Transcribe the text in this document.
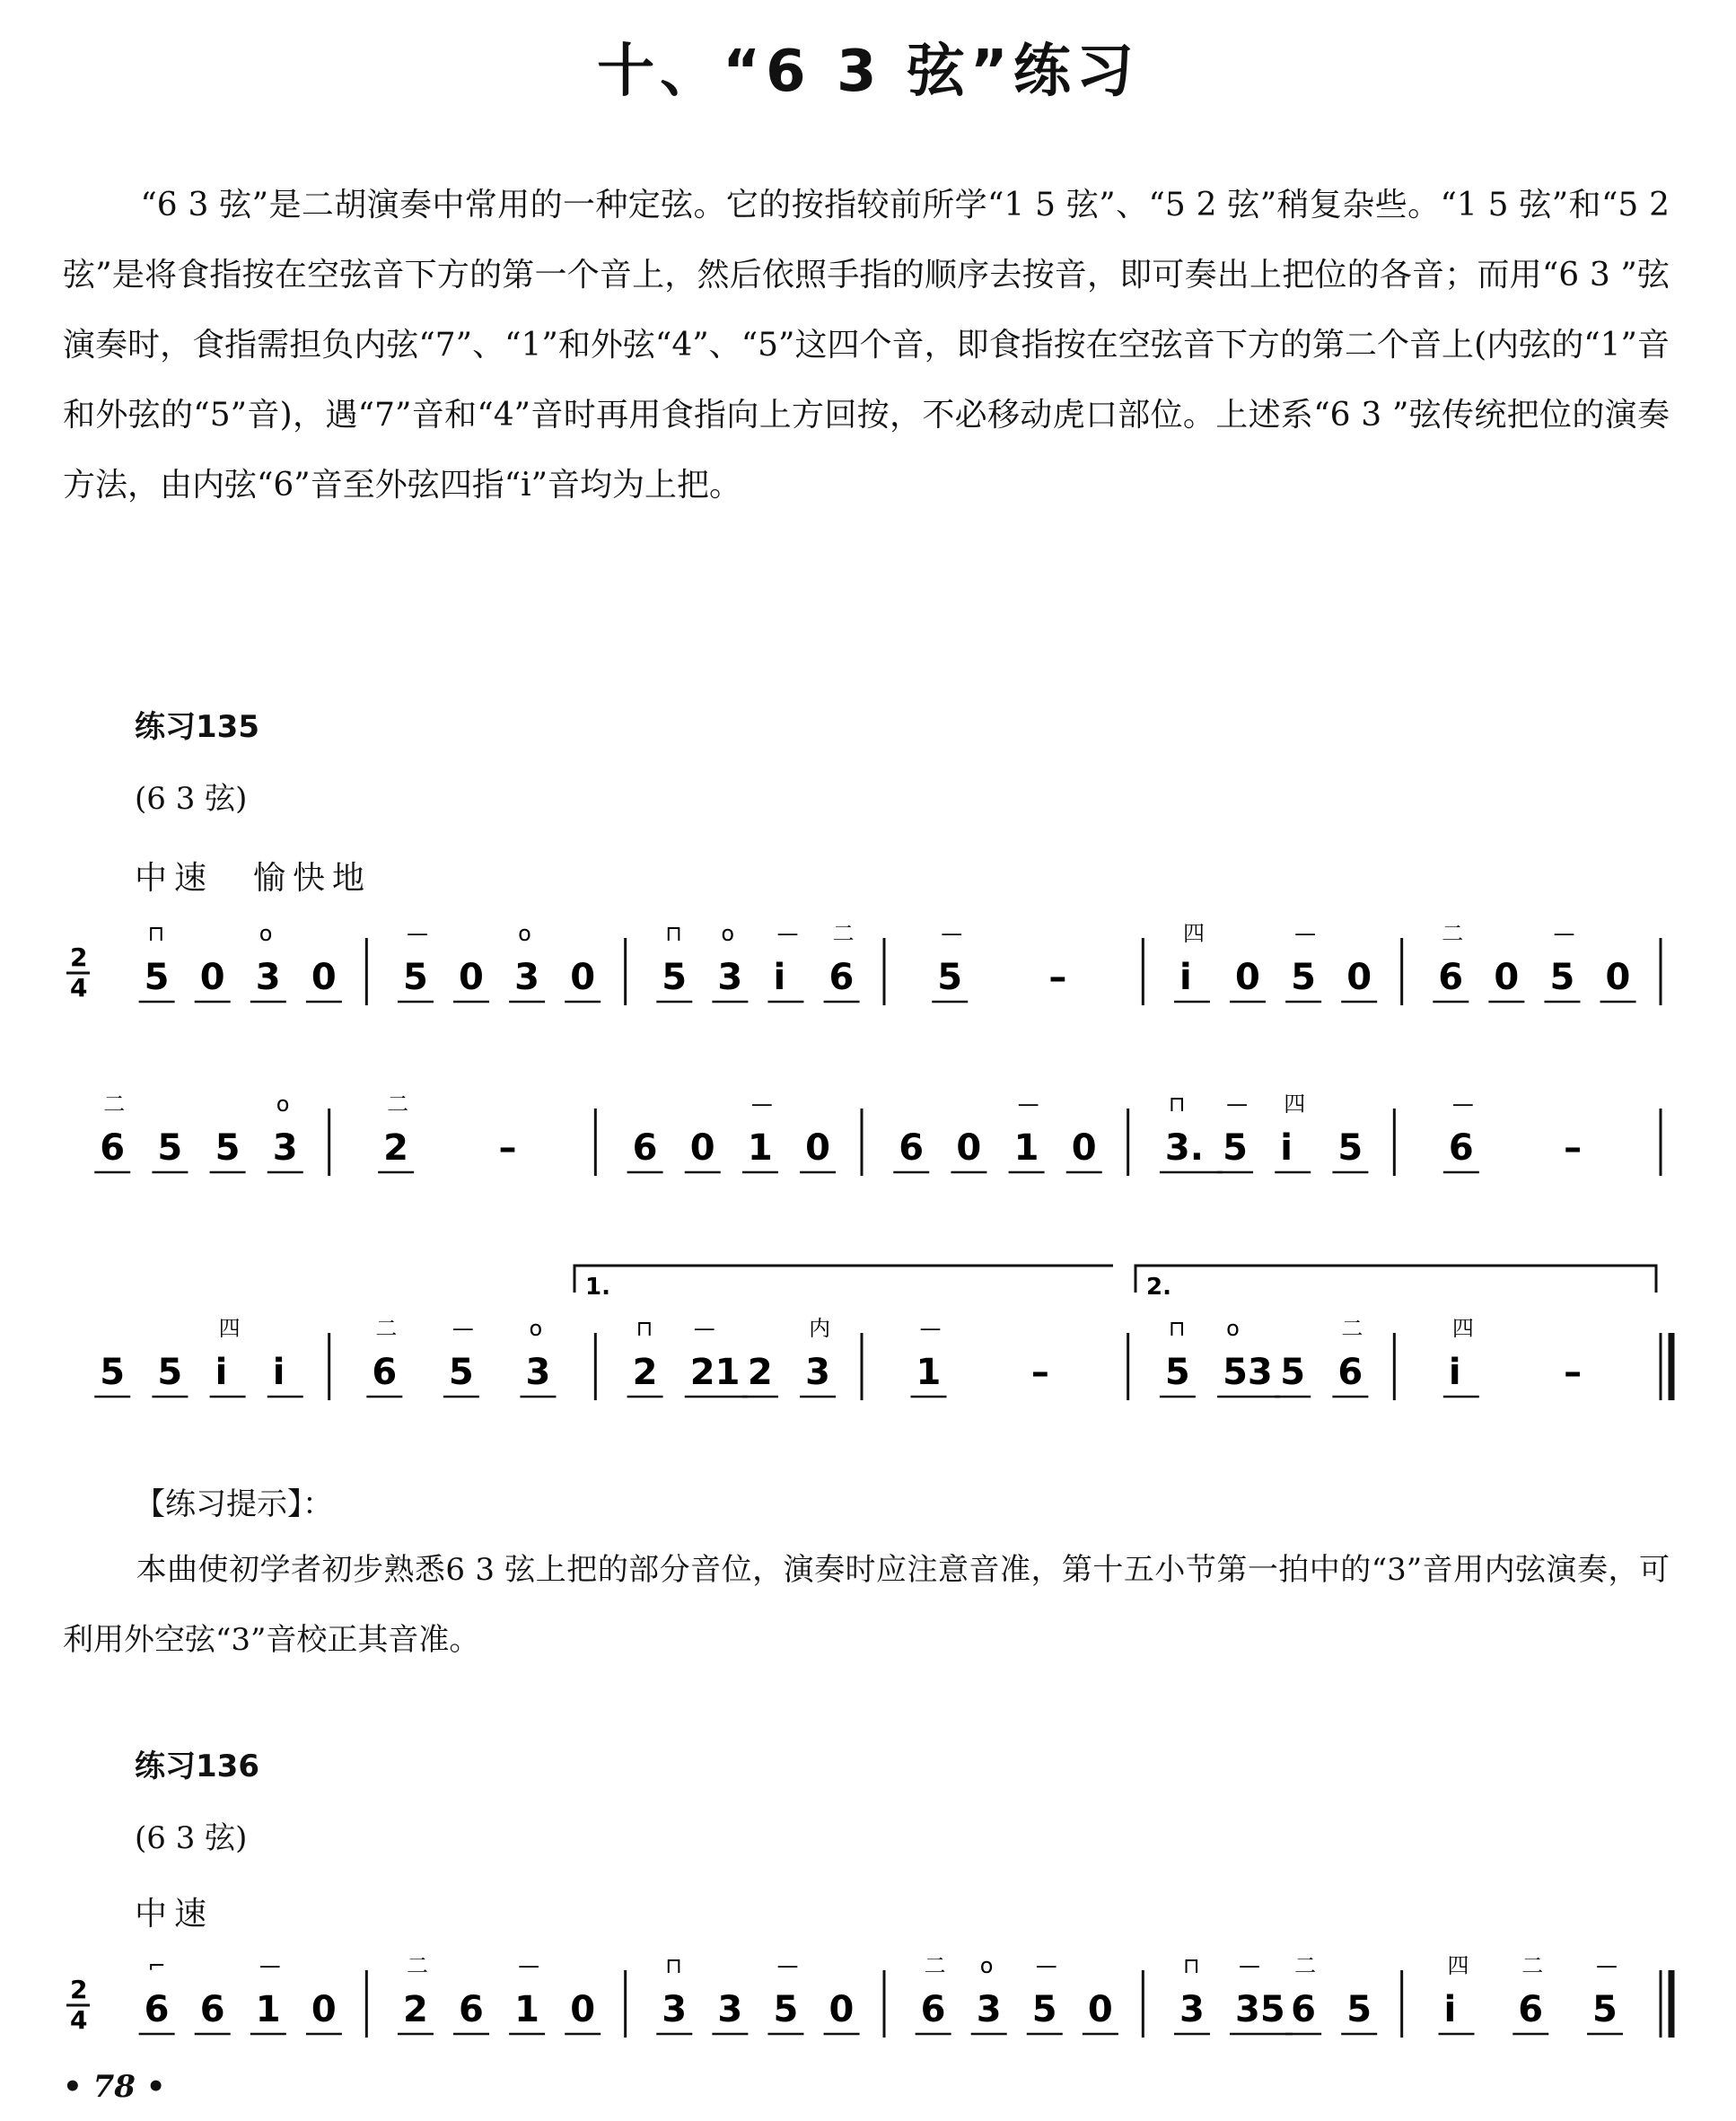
十、“6 3 弦”练习

“6 3 弦”是二胡演奏中常用的一种定弦。它的按指较前所学“1 5 弦”、“5 2 弦”稍复杂些。“1 5 弦”和“5 2 弦”是将食指按在空弦音下方的第一个音上，然后依照手指的顺序去按音，即可奏出上把位的各音；而用“6 3 ”弦演奏时，食指需担负内弦“7”、“1”和外弦“4”、“5”这四个音，即食指按在空弦音下方的第二个音上(内弦的“1”音和外弦的“5”音)，遇“7”音和“4”音时再用食指向上方回按，不必移动虎口部位。上述系“6 3 ”弦传统把位的演奏方法，由内弦“6”音至外弦四指“i”音均为上把。

练习135
(6 3 弦)
中速　愉快地
2
4 5
⊓
0 3
o
0 5
—
0 3
o
0 5
⊓
3
o
i
—
6
二
5
—
–	i
四
0 5
—
0 6
二
0 5
—
0
6
二
5 5 3
o
2
二
–	6 0 1
—
0 6 0 1
—
0 3.
⊓
5
—
i
四
5 6
—
–
5 5 i
四
i 6
二
5
—
3
o
2
⊓
21
—
2 3
内
1
—
–	5
⊓
53
o
5 6
二
i
四
–
1.	2.
【练习提示】：

本曲使初学者初步熟悉6 3 弦上把的部分音位，演奏时应注意音准，第十五小节第一拍中的“3”音用内弦演奏，可利用外空弦“3”音校正其音准。

练习136
(6 3 弦)
中速
2
4 6
⌐
6 1
—
0 2
二
6 1
—
0 3
⊓
3 5
—
0 6
二
3
o
5
—
0 3
⊓
35
—
6
二
5 i
四
6
二
5
—
• 78 •
